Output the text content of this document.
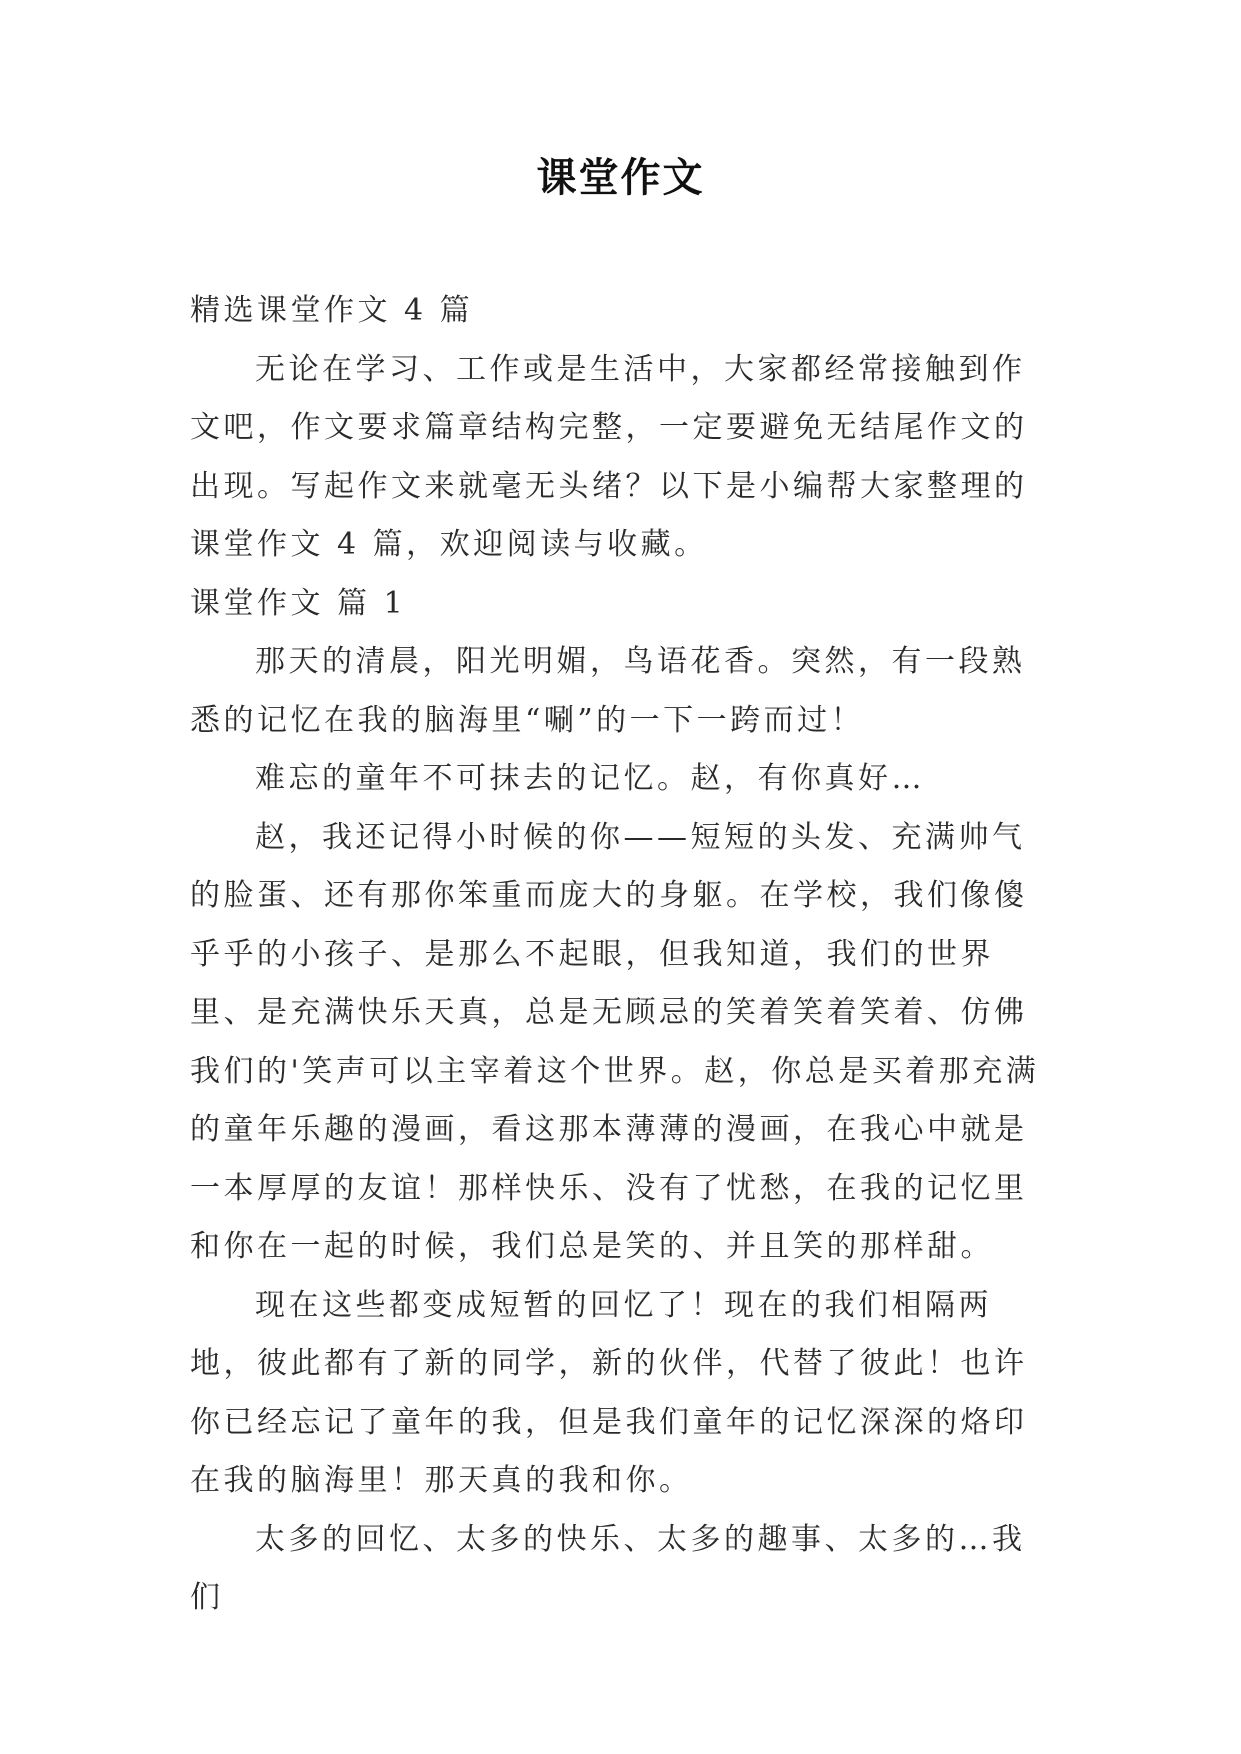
课堂作文

精选课堂作文 4 篇

无论在学习、工作或是生活中，大家都经常接触到作文吧，作文要求篇章结构完整，一定要避免无结尾作文的出现。写起作文来就毫无头绪？以下是小编帮大家整理的课堂作文 4 篇，欢迎阅读与收藏。

课堂作文 篇 1

那天的清晨，阳光明媚，鸟语花香。突然，有一段熟悉的记忆在我的脑海里“唰”的一下一跨而过！

难忘的童年不可抹去的记忆。赵，有你真好…

赵，我还记得小时候的你——短短的头发、充满帅气的脸蛋、还有那你笨重而庞大的身躯。在学校，我们像傻乎乎的小孩子、是那么不起眼，但我知道，我们的世界里、是充满快乐天真，总是无顾忌的笑着笑着笑着、仿佛我们的'笑声可以主宰着这个世界。赵，你总是买着那充满的童年乐趣的漫画，看这那本薄薄的漫画，在我心中就是一本厚厚的友谊！那样快乐、没有了忧愁，在我的记忆里和你在一起的时候，我们总是笑的、并且笑的那样甜。

现在这些都变成短暂的回忆了！现在的我们相隔两地，彼此都有了新的同学，新的伙伴，代替了彼此！也许你已经忘记了童年的我，但是我们童年的记忆深深的烙印在我的脑海里！那天真的我和你。

太多的回忆、太多的快乐、太多的趣事、太多的…我们
